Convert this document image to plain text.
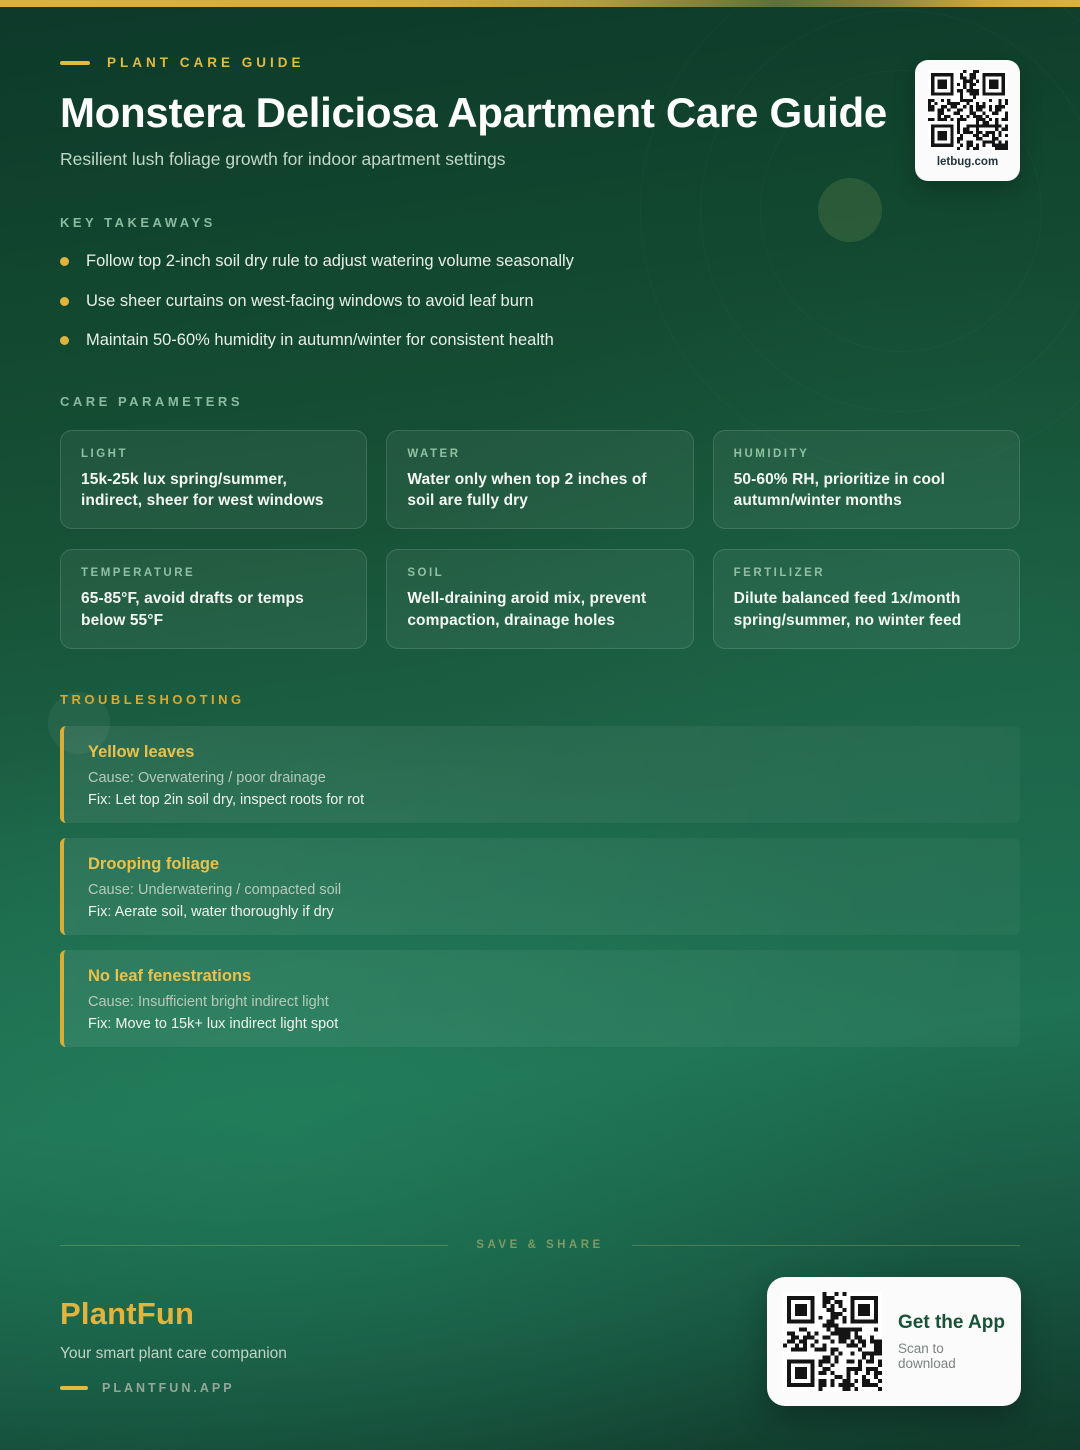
PLANT CARE GUIDE
Monstera Deliciosa Apartment Care Guide

Resilient lush foliage growth for indoor apartment settings

KEY TAKEAWAYS
Follow top 2-inch soil dry rule to adjust watering volume seasonally
Use sheer curtains on west-facing windows to avoid leaf burn
Maintain 50-60% humidity in autumn/winter for consistent health
CARE PARAMETERS
LIGHT
15k-25k lux spring/summer, indirect, sheer for west windows
WATER
Water only when top 2 inches of soil are fully dry
HUMIDITY
50-60% RH, prioritize in cool autumn/winter months
TEMPERATURE
65-85°F, avoid drafts or temps below 55°F
SOIL
Well-draining aroid mix, prevent compaction, drainage holes
FERTILIZER
Dilute balanced feed 1x/month spring/summer, no winter feed
TROUBLESHOOTING
Yellow leaves
Cause: Overwatering / poor drainage
Fix: Let top 2in soil dry, inspect roots for rot
Drooping foliage
Cause: Underwatering / compacted soil
Fix: Aerate soil, water thoroughly if dry
No leaf fenestrations
Cause: Insufficient bright indirect light
Fix: Move to 15k+ lux indirect light spot
letbug.com
SAVE & SHARE
PlantFun
Your smart plant care companion
PLANTFUN.APP
Get the App
Scan to download
